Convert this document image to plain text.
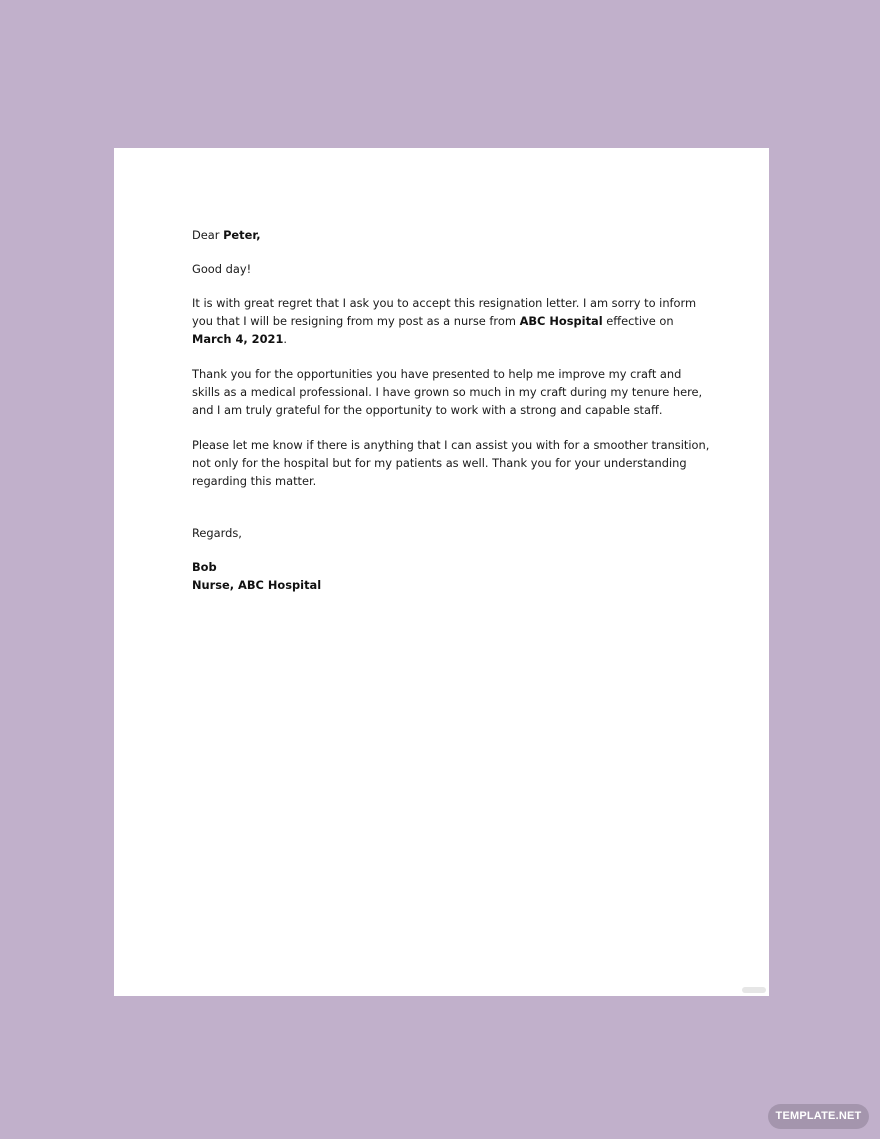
Dear Peter,

Good day!

It is with great regret that I ask you to accept this resignation letter. I am sorry to inform you that I will be resigning from my post as a nurse from ABC Hospital effective on March 4, 2021.

Thank you for the opportunities you have presented to help me improve my craft and skills as a medical professional. I have grown so much in my craft during my tenure here, and I am truly grateful for the opportunity to work with a strong and capable staff.

Please let me know if there is anything that I can assist you with for a smoother transition, not only for the hospital but for my patients as well. Thank you for your understanding regarding this matter.

Regards,

Bob
Nurse, ABC Hospital

TEMPLATE.NET
